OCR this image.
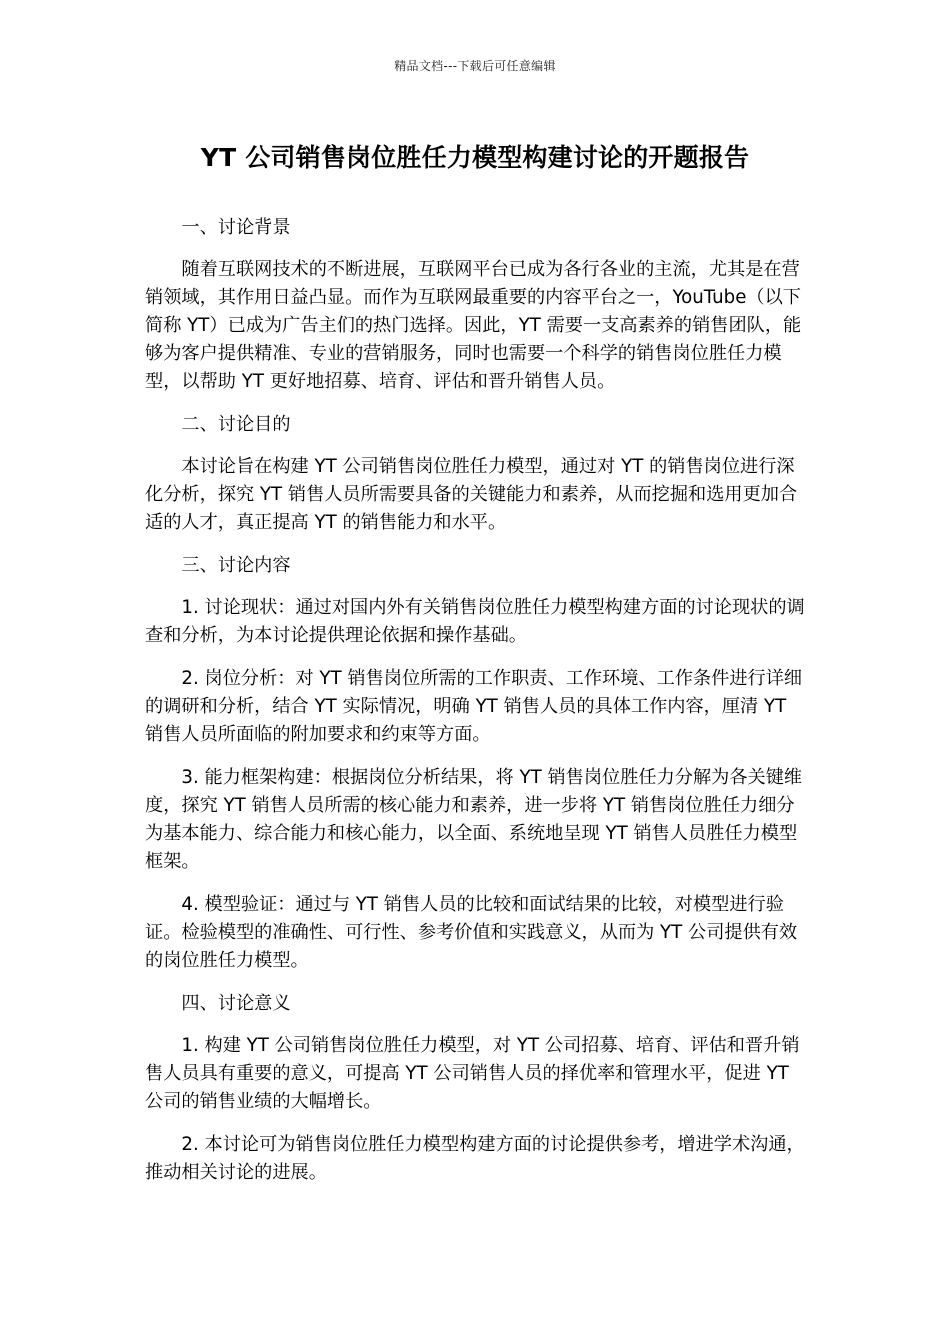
精品文档---下载后可任意编辑
YT 公司销售岗位胜任力模型构建讨论的开题报告

一、讨论背景

随着互联网技术的不断进展，互联网平台已成为各行各业的主流，尤其是在营销领域，其作用日益凸显。而作为互联网最重要的内容平台之一，YouTube（以下简称 YT）已成为广告主们的热门选择。因此，YT 需要一支高素养的销售团队，能够为客户提供精准、专业的营销服务，同时也需要一个科学的销售岗位胜任力模型，以帮助 YT 更好地招募、培育、评估和晋升销售人员。

二、讨论目的

本讨论旨在构建 YT 公司销售岗位胜任力模型，通过对 YT 的销售岗位进行深化分析，探究 YT 销售人员所需要具备的关键能力和素养，从而挖掘和选用更加合适的人才，真正提高 YT 的销售能力和水平。

三、讨论内容

1. 讨论现状：通过对国内外有关销售岗位胜任力模型构建方面的讨论现状的调查和分析，为本讨论提供理论依据和操作基础。

2. 岗位分析：对 YT 销售岗位所需的工作职责、工作环境、工作条件进行详细的调研和分析，结合 YT 实际情况，明确 YT 销售人员的具体工作内容，厘清 YT 销售人员所面临的附加要求和约束等方面。

3. 能力框架构建：根据岗位分析结果，将 YT 销售岗位胜任力分解为各关键维度，探究 YT 销售人员所需的核心能力和素养，进一步将 YT 销售岗位胜任力细分为基本能力、综合能力和核心能力，以全面、系统地呈现 YT 销售人员胜任力模型框架。

4. 模型验证：通过与 YT 销售人员的比较和面试结果的比较，对模型进行验证。检验模型的准确性、可行性、参考价值和实践意义，从而为 YT 公司提供有效的岗位胜任力模型。

四、讨论意义

1. 构建 YT 公司销售岗位胜任力模型，对 YT 公司招募、培育、评估和晋升销售人员具有重要的意义，可提高 YT 公司销售人员的择优率和管理水平，促进 YT 公司的销售业绩的大幅增长。

2. 本讨论可为销售岗位胜任力模型构建方面的讨论提供参考，增进学术沟通，推动相关讨论的进展。
